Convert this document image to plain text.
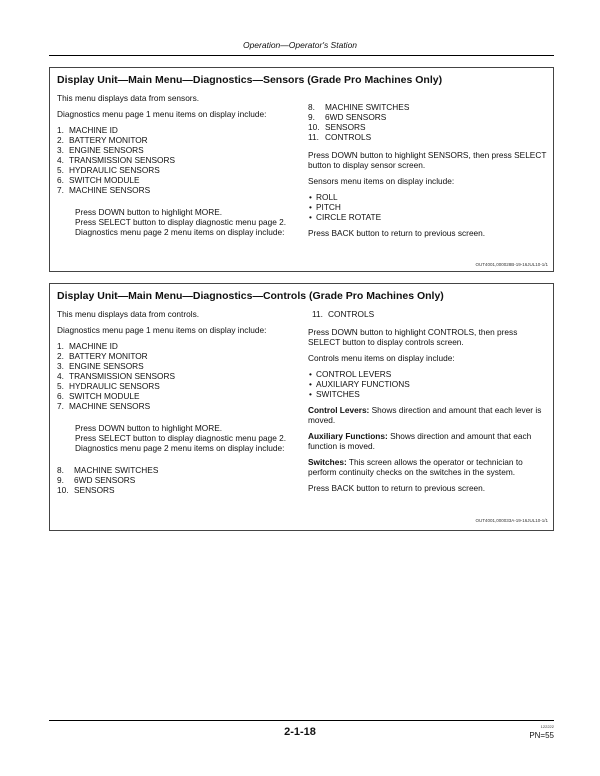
Operation—Operator's Station
Display Unit—Main Menu—Diagnostics—Sensors (Grade Pro Machines Only)

This menu displays data from sensors.

Diagnostics menu page 1 menu items on display include:

1. MACHINE ID
2. BATTERY MONITOR
3. ENGINE SENSORS
4. TRANSMISSION SENSORS
5. HYDRAULIC SENSORS
6. SWITCH MODULE
7. MACHINE SENSORS

Press DOWN button to highlight MORE.

Press SELECT button to display diagnostic menu page 2.

Diagnostics menu page 2 menu items on display include:

8.	MACHINE SWITCHES
9.	6WD SENSORS
10. SENSORS
11. CONTROLS

Press DOWN button to highlight SENSORS, then press SELECT button to display sensor screen.

Sensors menu items on display include:

• ROLL
• PITCH
• CIRCLE ROTATE

Press BACK button to return to previous screen.

OUT4001,000028B-19-16JUL10-1/1
Display Unit—Main Menu—Diagnostics—Controls (Grade Pro Machines Only)

This menu displays data from controls.

Diagnostics menu page 1 menu items on display include:

1. MACHINE ID
2. BATTERY MONITOR
3. ENGINE SENSORS
4. TRANSMISSION SENSORS
5. HYDRAULIC SENSORS
6. SWITCH MODULE
7. MACHINE SENSORS

Press DOWN button to highlight MORE.

Press SELECT button to display diagnostic menu page 2.

Diagnostics menu page 2 menu items on display include:

8.	MACHINE SWITCHES
9.	6WD SENSORS
10. SENSORS
11. CONTROLS

Press DOWN button to highlight CONTROLS, then press SELECT button to display controls screen.

Controls menu items on display include:

• CONTROL LEVERS
• AUXILIARY FUNCTIONS
• SWITCHES

Control Levers: Shows direction and amount that each lever is moved.

Auxiliary Functions: Shows direction and amount that each function is moved.

Switches: This screen allows the operator or technician to perform continuity checks on the switches in the system.

Press BACK button to return to previous screen.

OUT4001,000033A-19-16JUL10-1/1
2-1-18	122222
PN=55
